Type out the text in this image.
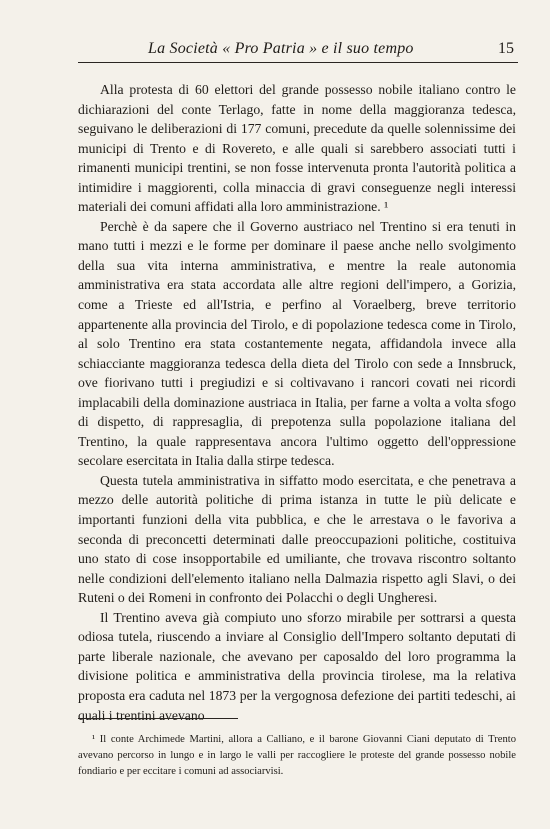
La Società « Pro Patria » e il suo tempo	15

Alla protesta di 60 elettori del grande possesso nobile italiano contro le dichiarazioni del conte Terlago, fatte in nome della maggioranza tedesca, seguivano le deliberazioni di 177 comuni, precedute da quelle solennissime dei municipi di Trento e di Rovereto, e alle quali si sarebbero associati tutti i rimanenti municipi trentini, se non fosse intervenuta pronta l'autorità politica a intimidire i maggiorenti, colla minaccia di gravi conseguenze negli interessi materiali dei comuni affidati alla loro amministrazione. ¹

Perchè è da sapere che il Governo austriaco nel Trentino si era tenuti in mano tutti i mezzi e le forme per dominare il paese anche nello svolgimento della sua vita interna amministrativa, e mentre la reale autonomia amministrativa era stata accordata alle altre regioni dell'impero, a Gorizia, come a Trieste ed all'Istria, e perfino al Voraelberg, breve territorio appartenente alla provincia del Tirolo, e di popolazione tedesca come in Tirolo, al solo Trentino era stata costantemente negata, affidandola invece alla schiacciante maggioranza tedesca della dieta del Tirolo con sede a Innsbruck, ove fiorivano tutti i pregiudizi e si coltivavano i rancori covati nei ricordi implacabili della dominazione austriaca in Italia, per farne a volta a volta sfogo di dispetto, di rappresaglia, di prepotenza sulla popolazione italiana del Trentino, la quale rappresentava ancora l'ultimo oggetto dell'oppressione secolare esercitata in Italia dalla stirpe tedesca.

Questa tutela amministrativa in siffatto modo esercitata, e che penetrava a mezzo delle autorità politiche di prima istanza in tutte le più delicate e importanti funzioni della vita pubblica, e che le arrestava o le favoriva a seconda di preconcetti determinati dalle preoccupazioni politiche, costituiva uno stato di cose insopportabile ed umiliante, che trovava riscontro soltanto nelle condizioni dell'elemento italiano nella Dalmazia rispetto agli Slavi, o dei Ruteni o dei Romeni in confronto dei Polacchi o degli Ungheresi.

Il Trentino aveva già compiuto uno sforzo mirabile per sottrarsi a questa odiosa tutela, riuscendo a inviare al Consiglio dell'Impero soltanto deputati di parte liberale nazionale, che avevano per caposaldo del loro programma la divisione politica e amministrativa della provincia tirolese, ma la relativa proposta era caduta nel 1873 per la vergognosa defezione dei partiti tedeschi, ai quali i trentini avevano

¹ Il conte Archimede Martini, allora a Calliano, e il barone Giovanni Ciani deputato di Trento avevano percorso in lungo e in largo le valli per raccogliere le proteste del grande possesso nobile fondiario e per eccitare i comuni ad associarvisi.
